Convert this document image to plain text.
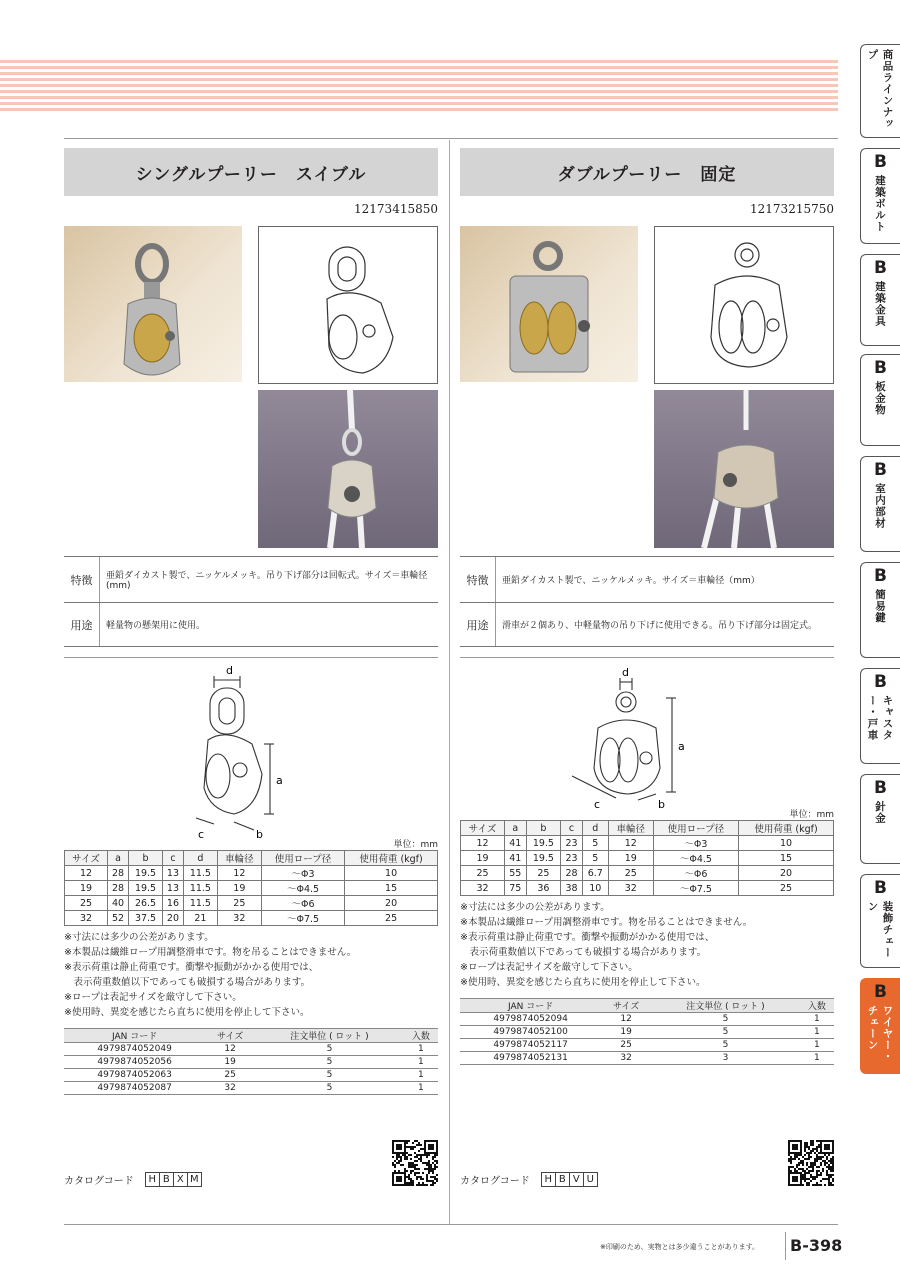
シングルプーリー　スイブル
12173415850
特徴	亜鉛ダイカスト製で、ニッケルメッキ。吊り下げ部分は回転式。サイズ＝車輪径(mm)
用途	軽量物の懸架用に使用。
d
a
c	b
単位：mm
サイズ	a	b	c	d	車輪径	使用ロープ径	使用荷重 (kgf)
12	28	19.5	13	11.5	12	～Φ3	10
19	28	19.5	13	11.5	19	～Φ4.5	15
25	40	26.5	16	11.5	25	～Φ6	20
32	52	37.5	20	21	32	～Φ7.5	25
※寸法には多少の公差があります。
※本製品は繊維ロープ用調整滑車です。物を吊ることはできません。
※表示荷重は静止荷重です。衝撃や振動がかかる使用では、
　表示荷重数値以下であっても破損する場合があります。
※ロープは表記サイズを厳守して下さい。
※使用時、異変を感じたら直ちに使用を停止して下さい。
JAN コード	サイズ	注文単位 ( ロット )	入数
4979874052049	12	5	1
4979874052056	19	5	1
4979874052063	25	5	1
4979874052087	32	5	1
ダブルプーリー　固定
12173215750
特徴	亜鉛ダイカスト製で、ニッケルメッキ。サイズ＝車輪径（mm）
用途	滑車が２個あり、中軽量物の吊り下げに使用できる。吊り下げ部分は固定式。
d
a
c	b
単位：mm
サイズ	a	b	c	d	車輪径	使用ロープ径	使用荷重 (kgf)
12	41	19.5	23	5	12	～Φ3	10
19	41	19.5	23	5	19	～Φ4.5	15
25	55	25	28	6.7	25	～Φ6	20
32	75	36	38	10	32	～Φ7.5	25
※寸法には多少の公差があります。
※本製品は繊維ロープ用調整滑車です。物を吊ることはできません。
※表示荷重は静止荷重です。衝撃や振動がかかる使用では、
　表示荷重数値以下であっても破損する場合があります。
※ロープは表記サイズを厳守して下さい。
※使用時、異変を感じたら直ちに使用を停止して下さい。
JAN コード	サイズ	注文単位 ( ロット )	入数
4979874052094	12	5	1
4979874052100	19	5	1
4979874052117	25	5	1
4979874052131	32	3	1
カタログコード	H B X M	カタログコード	H B V U
※印刷のため、実物とは多少違うことがあります。 B-398
商品ラインナップ
B
建築ボルト
B
建築金具
B
板金物
B
室内部材
B
簡易鍵
B
キャスター・戸車
B
針金
B
装飾チェーン
B
ワイヤー・チェーン
